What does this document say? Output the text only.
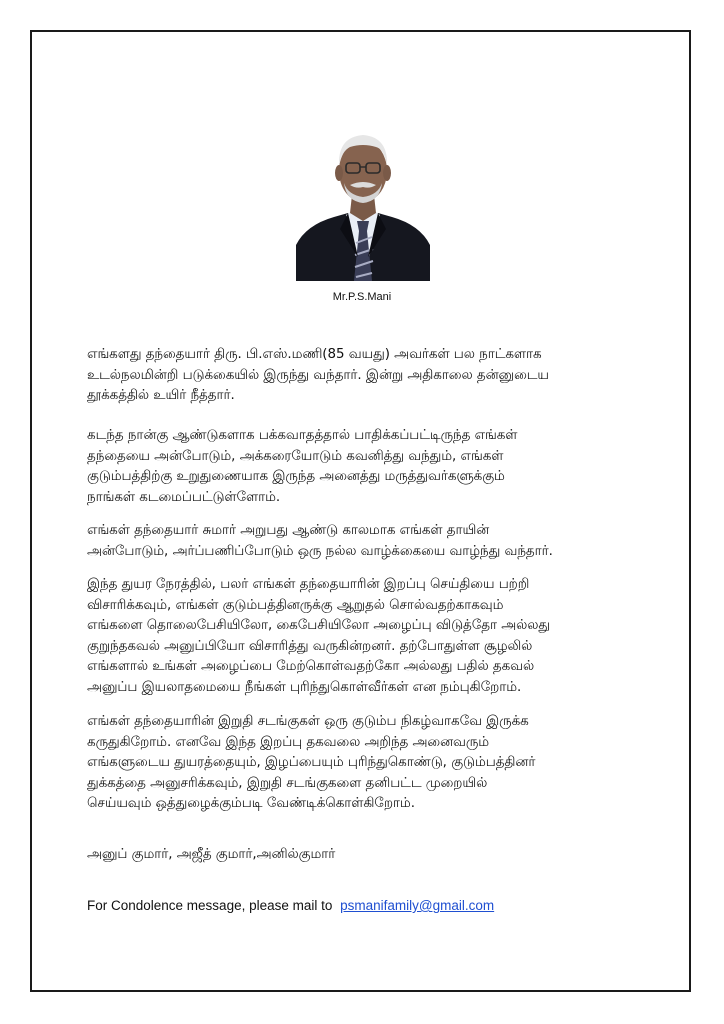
Mr.P.S.Mani

எங்களது தந்தையார் திரு. பி.எஸ்.மணி(85 வயது) அவர்கள் பல நாட்களாக
உடல்நலமின்றி படுக்கையில் இருந்து வந்தார். இன்று அதிகாலை தன்னுடைய
தூக்கத்தில் உயிர் நீத்தார்.

கடந்த நான்கு ஆண்டுகளாக பக்கவாதத்தால் பாதிக்கப்பட்டிருந்த எங்கள்
தந்தையை அன்போடும், அக்கரையோடும் கவனித்து வந்தும், எங்கள்
குடும்பத்திற்கு உறுதுணையாக இருந்த அனைத்து மருத்துவர்களுக்கும்
நாங்கள் கடமைப்பட்டுள்ளோம்.

எங்கள் தந்தையார் சுமார் அறுபது ஆண்டு காலமாக எங்கள் தாயின்
அன்போடும், அர்ப்பணிப்போடும் ஒரு நல்ல வாழ்க்கையை வாழ்ந்து வந்தார்.

இந்த துயர நேரத்தில், பலர் எங்கள் தந்தையாரின் இறப்பு செய்தியை பற்றி
விசாரிக்கவும், எங்கள் குடும்பத்தினருக்கு ஆறுதல் சொல்வதற்காகவும்
எங்களை தொலைபேசியிலோ, கைபேசியிலோ அழைப்பு விடுத்தோ அல்லது
குறுந்தகவல் அனுப்பியோ விசாரித்து வருகின்றனர். தற்போதுள்ள சூழலில்
எங்களால் உங்கள் அழைப்பை மேற்கொள்வதற்கோ அல்லது பதில் தகவல்
அனுப்ப இயலாதமையை நீங்கள் புரிந்துகொள்வீர்கள் என நம்புகிறோம்.

எங்கள் தந்தையாரின் இறுதி சடங்குகள் ஒரு குடும்ப நிகழ்வாகவே இருக்க
கருதுகிறோம். எனவே இந்த இறப்பு தகவலை அறிந்த அனைவரும்
எங்களுடைய துயரத்தையும், இழப்பையும் புரிந்துகொண்டு, குடும்பத்தினர்
துக்கத்தை அனுசரிக்கவும், இறுதி சடங்குகளை தனிபட்ட முறையில்
செய்யவும் ஒத்துழைக்கும்படி வேண்டிக்கொள்கிறோம்.

அனுப் குமார், அஜீத் குமார்,அனில்குமார்
For Condolence message, please mail to psmanifamily@gmail.com
